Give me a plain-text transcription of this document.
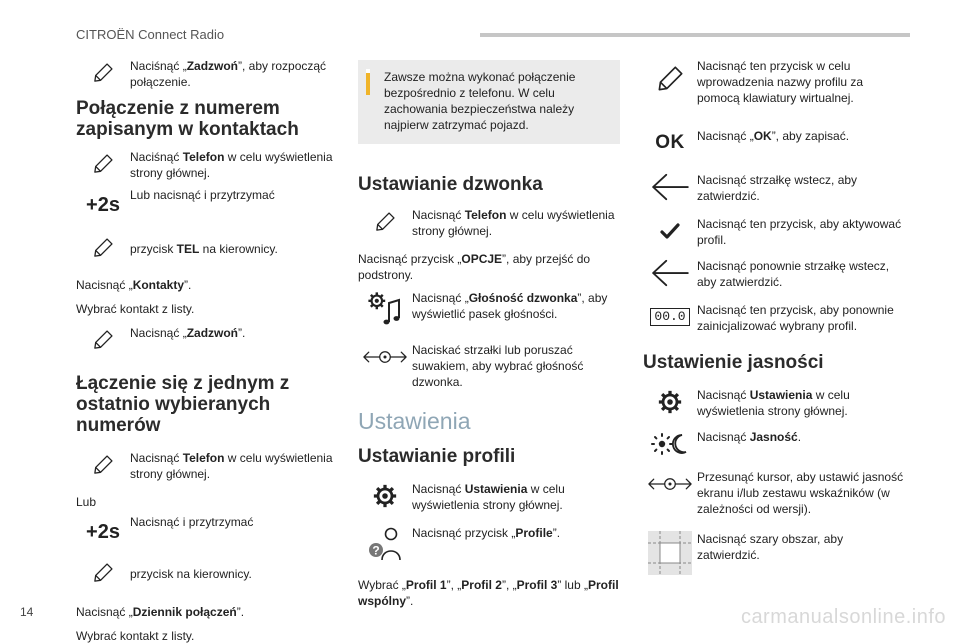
CITROËN Connect Radio
Naciśnąć „Zadzwoń”, aby rozpocząć połączenie.
Połączenie z numerem zapisanym w kontaktach
Naciśnąć Telefon w celu wyświetlenia strony głównej.
+2s Lub nacisnąć i przytrzymać
przycisk TEL na kierownicy.
Nacisnąć „Kontakty”.
Wybrać kontakt z listy.
Nacisnąć „Zadzwoń”.
Łączenie się z jednym z ostatnio wybieranych numerów
Nacisnąć Telefon w celu wyświetlenia strony głównej.
Lub
+2s Nacisnąć i przytrzymać
przycisk na kierownicy.
Nacisnąć „Dziennik połączeń”.
Wybrać kontakt z listy.
Zawsze można wykonać połączenie bezpośrednio z telefonu. W celu zachowania bezpieczeństwa należy najpierw zatrzymać pojazd.
Ustawianie dzwonka
Nacisnąć Telefon w celu wyświetlenia strony głównej.
Nacisnąć przycisk „OPCJE”, aby przejść do podstrony.
Nacisnąć „Głośność dzwonka”, aby wyświetlić pasek głośności.
Naciskać strzałki lub poruszać suwakiem, aby wybrać głośność dzwonka.
Ustawienia
Ustawianie profili
Nacisnąć Ustawienia w celu wyświetlenia strony głównej.
?
Nacisnąć przycisk „Profile”.
Wybrać „Profil 1”, „Profil 2”, „Profil 3” lub „Profil wspólny”.
Nacisnąć ten przycisk w celu wprowadzenia nazwy profilu za pomocą klawiatury wirtualnej.
OK Nacisnąć „OK”, aby zapisać.
Nacisnąć strzałkę wstecz, aby zatwierdzić.
Nacisnąć ten przycisk, aby aktywować profil.
Nacisnąć ponownie strzałkę wstecz, aby zatwierdzić.
00.0 Nacisnąć ten przycisk, aby ponownie zainicjalizować wybrany profil.
Ustawienie jasności
Nacisnąć Ustawienia w celu wyświetlenia strony głównej.
Nacisnąć Jasność.
Przesunąć kursor, aby ustawić jasność ekranu i/lub zestawu wskaźników (w zależności od wersji).
Nacisnąć szary obszar, aby zatwierdzić.
14	carmanualsonline.info
